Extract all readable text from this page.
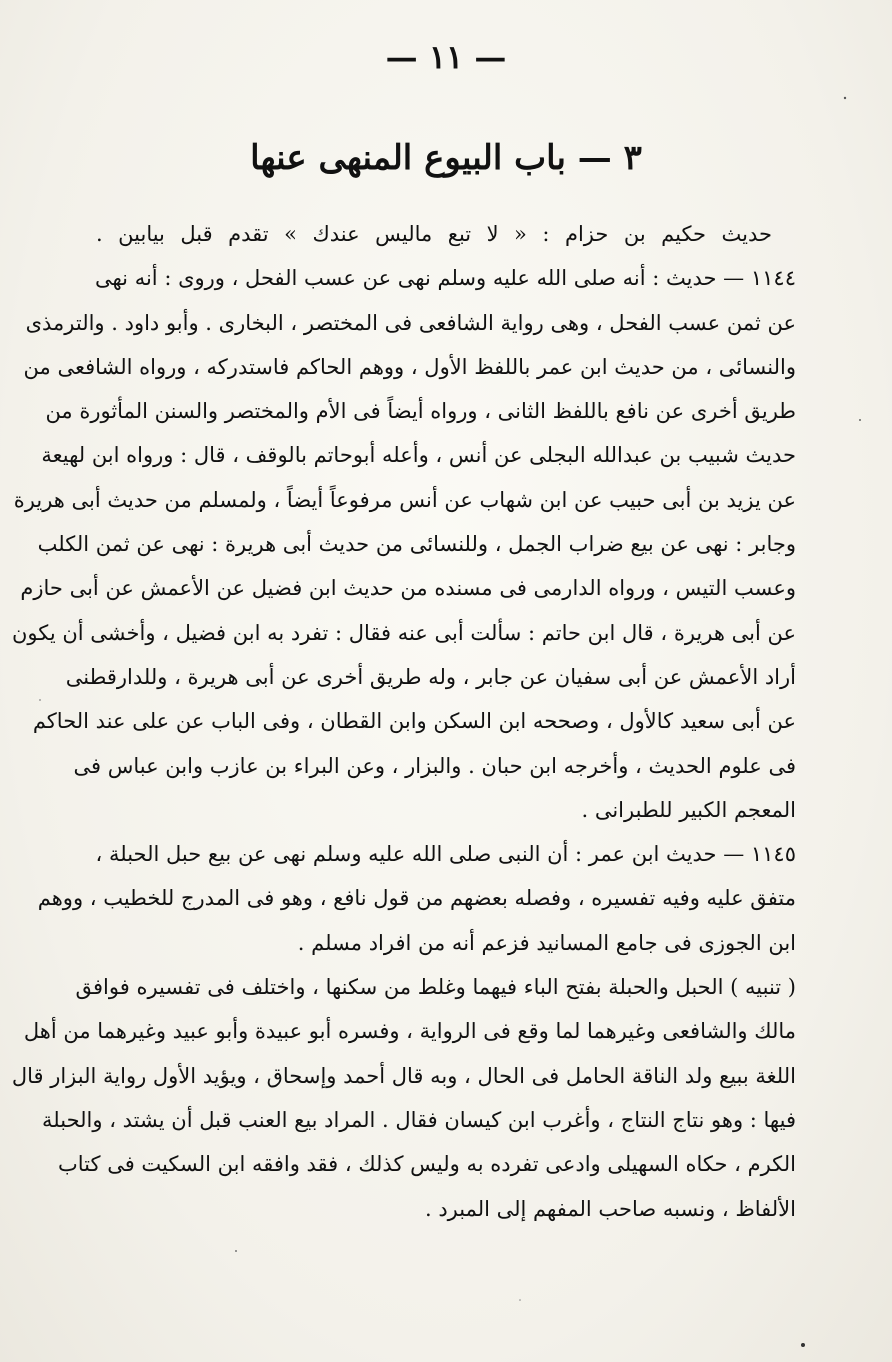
— ١١ —
٣ — باب البيوع المنهى عنها
حديث حكيم بن حزام : « لا تبع ماليس عندك » تقدم قبل بيابين .
١١٤٤ — حديث : أنه صلى الله عليه وسلم نهى عن عسب الفحل ، وروى : أنه نهى
عن ثمن عسب الفحل ، وهى رواية الشافعى فى المختصر ، البخارى . وأبو داود . والترمذى
والنسائى ، من حديث ابن عمر باللفظ الأول ، ووهم الحاكم فاستدركه ، ورواه الشافعى من
طريق أخرى عن نافع باللفظ الثانى ، ورواه أيضاً فى الأم والمختصر والسنن المأثورة من
حديث شبيب بن عبدالله البجلى عن أنس ، وأعله أبوحاتم بالوقف ، قال : ورواه ابن لهيعة
عن يزيد بن أبى حبيب عن ابن شهاب عن أنس مرفوعاً أيضاً ، ولمسلم من حديث أبى هريرة
وجابر : نهى عن بيع ضراب الجمل ، وللنسائى من حديث أبى هريرة : نهى عن ثمن الكلب
وعسب التيس ، ورواه الدارمى فى مسنده من حديث ابن فضيل عن الأعمش عن أبى حازم
عن أبى هريرة ، قال ابن حاتم : سألت أبى عنه فقال : تفرد به ابن فضيل ، وأخشى أن يكون
أراد الأعمش عن أبى سفيان عن جابر ، وله طريق أخرى عن أبى هريرة ، وللدارقطنى
عن أبى سعيد كالأول ، وصححه ابن السكن وابن القطان ، وفى الباب عن على عند الحاكم
فى علوم الحديث ، وأخرجه ابن حبان . والبزار ، وعن البراء بن عازب وابن عباس فى
المعجم الكبير للطبرانى .
١١٤٥ — حديث ابن عمر : أن النبى صلى الله عليه وسلم نهى عن بيع حبل الحبلة ،
متفق عليه وفيه تفسيره ، وفصله بعضهم من قول نافع ، وهو فى المدرج للخطيب ، ووهم
ابن الجوزى فى جامع المسانيد فزعم أنه من افراد مسلم .
( تنبيه ) الحبل والحبلة بفتح الباء فيهما وغلط من سكنها ، واختلف فى تفسيره فوافق
مالك والشافعى وغيرهما لما وقع فى الرواية ، وفسره أبو عبيدة وأبو عبيد وغيرهما من أهل
اللغة ببيع ولد الناقة الحامل فى الحال ، وبه قال أحمد وإسحاق ، ويؤيد الأول رواية البزار قال
فيها : وهو نتاج النتاج ، وأغرب ابن كيسان فقال . المراد بيع العنب قبل أن يشتد ، والحبلة
الكرم ، حكاه السهيلى وادعى تفرده به وليس كذلك ، فقد وافقه ابن السكيت فى كتاب
الألفاظ ، ونسبه صاحب المفهم إلى المبرد .
